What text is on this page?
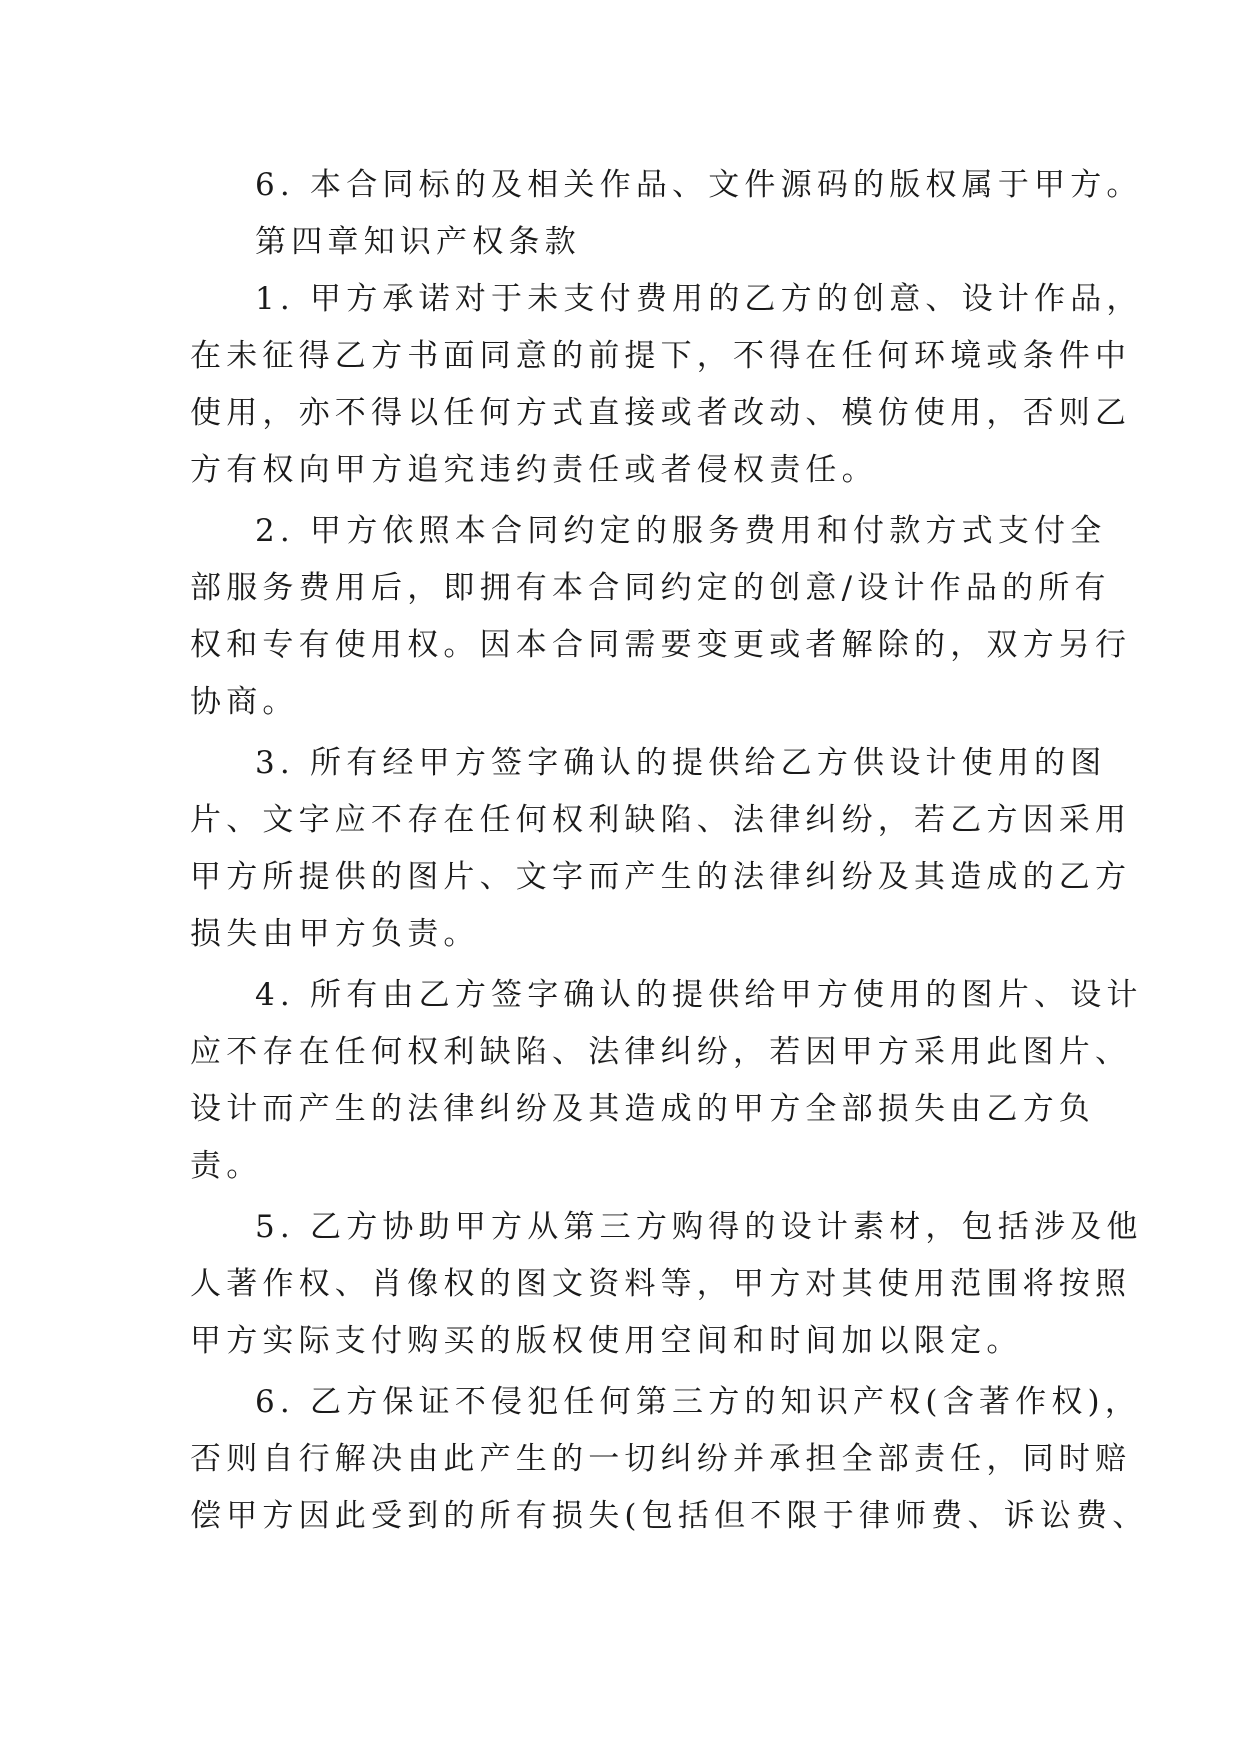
6. 本合同标的及相关作品、文件源码的版权属于甲方。
第四章知识产权条款
1. 甲方承诺对于未支付费用的乙方的创意、设计作品，
在未征得乙方书面同意的前提下，不得在任何环境或条件中
使用，亦不得以任何方式直接或者改动、模仿使用，否则乙
方有权向甲方追究违约责任或者侵权责任。
2. 甲方依照本合同约定的服务费用和付款方式支付全
部服务费用后，即拥有本合同约定的创意/设计作品的所有
权和专有使用权。因本合同需要变更或者解除的，双方另行
协商。
3. 所有经甲方签字确认的提供给乙方供设计使用的图
片、文字应不存在任何权利缺陷、法律纠纷，若乙方因采用
甲方所提供的图片、文字而产生的法律纠纷及其造成的乙方
损失由甲方负责。
4. 所有由乙方签字确认的提供给甲方使用的图片、设计
应不存在任何权利缺陷、法律纠纷，若因甲方采用此图片、
设计而产生的法律纠纷及其造成的甲方全部损失由乙方负
责。
5. 乙方协助甲方从第三方购得的设计素材，包括涉及他
人著作权、肖像权的图文资料等，甲方对其使用范围将按照
甲方实际支付购买的版权使用空间和时间加以限定。
6. 乙方保证不侵犯任何第三方的知识产权(含著作权)，
否则自行解决由此产生的一切纠纷并承担全部责任，同时赔
偿甲方因此受到的所有损失(包括但不限于律师费、诉讼费、
